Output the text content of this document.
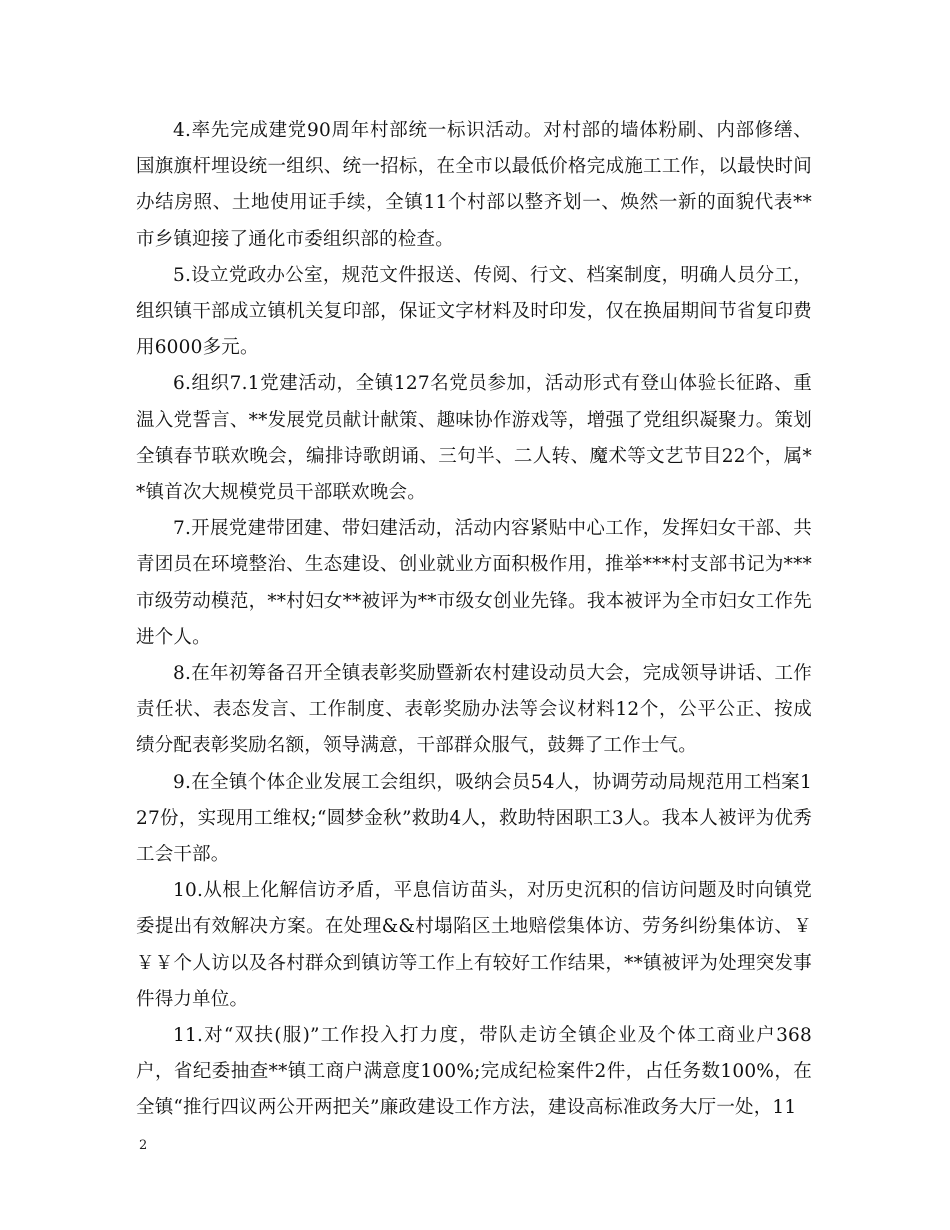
4.率先完成建党90周年村部统一标识活动。对村部的墙体粉刷、内部修缮、国旗旗杆埋设统一组织、统一招标，在全市以最低价格完成施工工作，以最快时间办结房照、土地使用证手续，全镇11个村部以整齐划一、焕然一新的面貌代表**市乡镇迎接了通化市委组织部的检查。

5.设立党政办公室，规范文件报送、传阅、行文、档案制度，明确人员分工，组织镇干部成立镇机关复印部，保证文字材料及时印发，仅在换届期间节省复印费用6000多元。

6.组织7.1党建活动，全镇127名党员参加，活动形式有登山体验长征路、重温入党誓言、**发展党员献计献策、趣味协作游戏等，增强了党组织凝聚力。策划全镇春节联欢晚会，编排诗歌朗诵、三句半、二人转、魔术等文艺节目22个，属**镇首次大规模党员干部联欢晚会。

7.开展党建带团建、带妇建活动，活动内容紧贴中心工作，发挥妇女干部、共青团员在环境整治、生态建设、创业就业方面积极作用，推举***村支部书记为***市级劳动模范，**村妇女**被评为**市级女创业先锋。我本被评为全市妇女工作先进个人。

8.在年初筹备召开全镇表彰奖励暨新农村建设动员大会，完成领导讲话、工作责任状、表态发言、工作制度、表彰奖励办法等会议材料12个，公平公正、按成绩分配表彰奖励名额，领导满意，干部群众服气，鼓舞了工作士气。

9.在全镇个体企业发展工会组织，吸纳会员54人，协调劳动局规范用工档案127份，实现用工维权;“圆梦金秋”救助4人，救助特困职工3人。我本人被评为优秀工会干部。

10.从根上化解信访矛盾，平息信访苗头，对历史沉积的信访问题及时向镇党委提出有效解决方案。在处理&&村塌陷区土地赔偿集体访、劳务纠纷集体访、￥￥￥个人访以及各村群众到镇访等工作上有较好工作结果，**镇被评为处理突发事件得力单位。

11.对“双扶(服)”工作投入打力度，带队走访全镇企业及个体工商业户368户，省纪委抽查**镇工商户满意度100%;完成纪检案件2件，占任务数100%，在全镇“推行四议两公开两把关”廉政建设工作方法，建设高标准政务大厅一处，11

2
